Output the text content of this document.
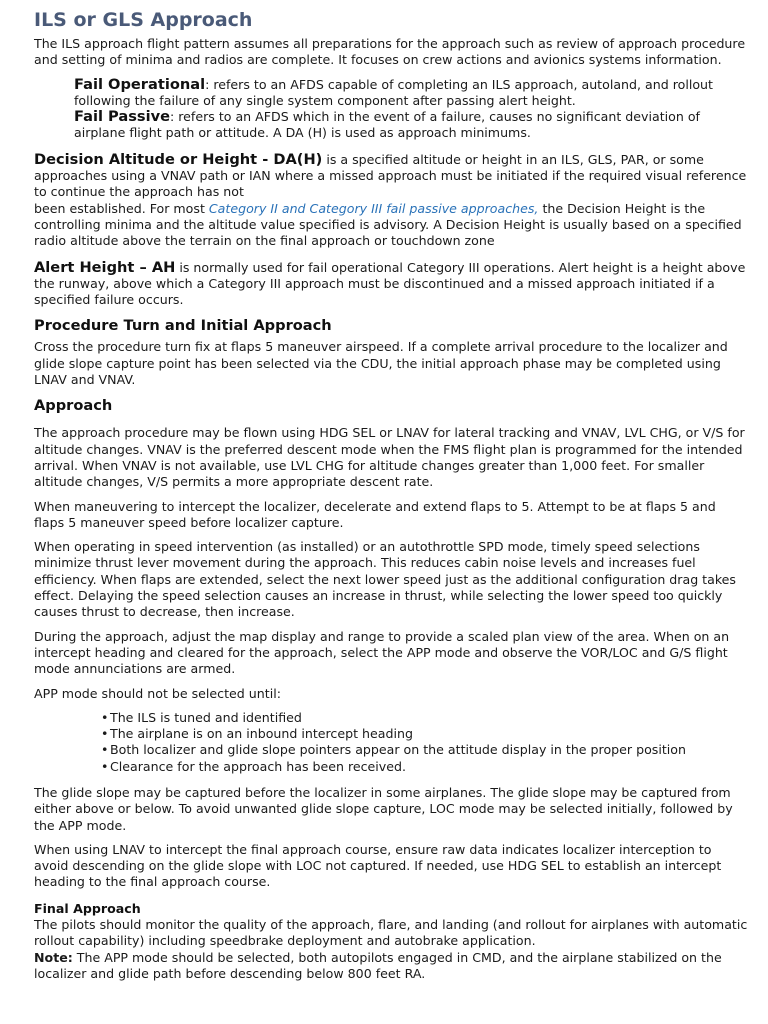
ILS or GLS Approach

The ILS approach flight pattern assumes all preparations for the approach such as review of approach procedure and setting of minima and radios are complete. It focuses on crew actions and avionics systems information.

Fail Operational: refers to an AFDS capable of completing an ILS approach, autoland, and rollout following the failure of any single system component after passing alert height.

Fail Passive: refers to an AFDS which in the event of a failure, causes no significant deviation of airplane flight path or attitude. A DA (H) is used as approach minimums.

Decision Altitude or Height - DA(H) is a specified altitude or height in an ILS, GLS, PAR, or some approaches using a VNAV path or IAN where a missed approach must be initiated if the required visual reference to continue the approach has not

been established. For most Category II and Category III fail passive approaches, the Decision Height is the controlling minima and the altitude value specified is advisory. A Decision Height is usually based on a specified radio altitude above the terrain on the final approach or touchdown zone

Alert Height – AH is normally used for fail operational Category III operations. Alert height is a height above the runway, above which a Category III approach must be discontinued and a missed approach initiated if a specified failure occurs.

Procedure Turn and Initial Approach

Cross the procedure turn fix at flaps 5 maneuver airspeed. If a complete arrival procedure to the localizer and glide slope capture point has been selected via the CDU, the initial approach phase may be completed using LNAV and VNAV.

Approach

The approach procedure may be flown using HDG SEL or LNAV for lateral tracking and VNAV, LVL CHG, or V/S for altitude changes. VNAV is the preferred descent mode when the FMS flight plan is programmed for the intended arrival. When VNAV is not available, use LVL CHG for altitude changes greater than 1,000 feet. For smaller altitude changes, V/S permits a more appropriate descent rate.

When maneuvering to intercept the localizer, decelerate and extend flaps to 5. Attempt to be at flaps 5 and flaps 5 maneuver speed before localizer capture.

When operating in speed intervention (as installed) or an autothrottle SPD mode, timely speed selections minimize thrust lever movement during the approach. This reduces cabin noise levels and increases fuel efficiency. When flaps are extended, select the next lower speed just as the additional configuration drag takes effect. Delaying the speed selection causes an increase in thrust, while selecting the lower speed too quickly causes thrust to decrease, then increase.

During the approach, adjust the map display and range to provide a scaled plan view of the area. When on an intercept heading and cleared for the approach, select the APP mode and observe the VOR/LOC and G/S flight mode annunciations are armed.

APP mode should not be selected until:

• The ILS is tuned and identified
• The airplane is on an inbound intercept heading
• Both localizer and glide slope pointers appear on the attitude display in the proper position
• Clearance for the approach has been received.

The glide slope may be captured before the localizer in some airplanes. The glide slope may be captured from either above or below. To avoid unwanted glide slope capture, LOC mode may be selected initially, followed by the APP mode.

When using LNAV to intercept the final approach course, ensure raw data indicates localizer interception to avoid descending on the glide slope with LOC not captured. If needed, use HDG SEL to establish an intercept heading to the final approach course.

Final Approach

The pilots should monitor the quality of the approach, flare, and landing (and rollout for airplanes with automatic rollout capability) including speedbrake deployment and autobrake application.

Note: The APP mode should be selected, both autopilots engaged in CMD, and the airplane stabilized on the localizer and glide path before descending below 800 feet RA.
